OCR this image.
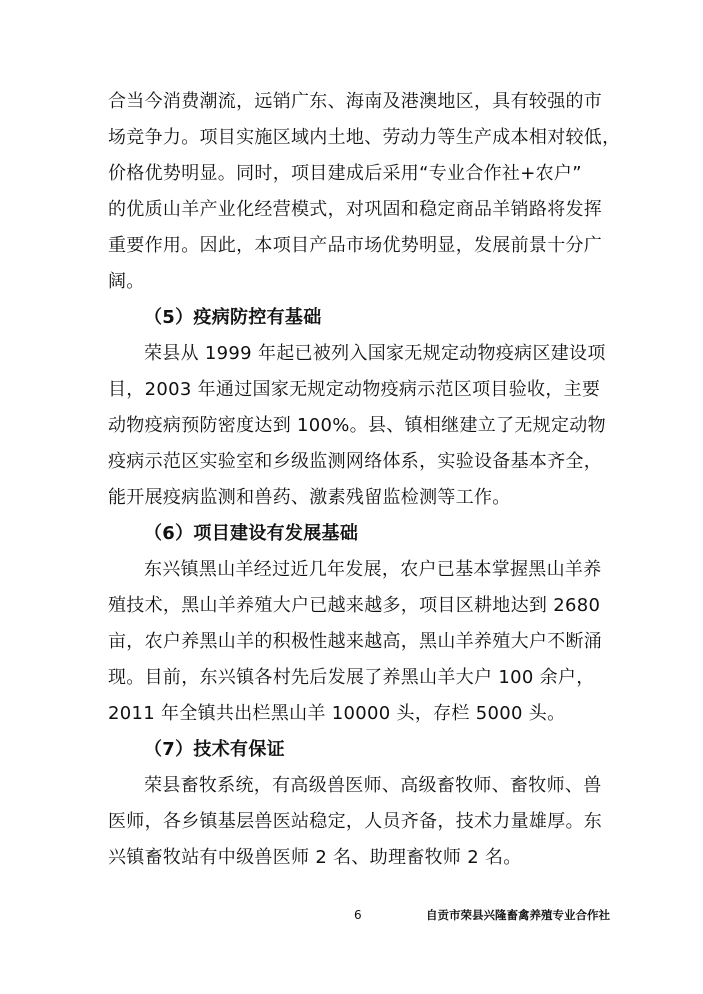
合当今消费潮流，远销广东、海南及港澳地区，具有较强的市
场竞争力。项目实施区域内土地、劳动力等生产成本相对较低，
价格优势明显。同时，项目建成后采用“专业合作社+农户”
的优质山羊产业化经营模式，对巩固和稳定商品羊销路将发挥
重要作用。因此，本项目产品市场优势明显，发展前景十分广
阔。
（5）疫病防控有基础
荣县从 1999 年起已被列入国家无规定动物疫病区建设项
目，2003 年通过国家无规定动物疫病示范区项目验收，主要
动物疫病预防密度达到 100%。县、镇相继建立了无规定动物
疫病示范区实验室和乡级监测网络体系，实验设备基本齐全，
能开展疫病监测和兽药、激素残留监检测等工作。
（6）项目建设有发展基础
东兴镇黑山羊经过近几年发展，农户已基本掌握黑山羊养
殖技术，黑山羊养殖大户已越来越多，项目区耕地达到 2680
亩，农户养黑山羊的积极性越来越高，黑山羊养殖大户不断涌
现。目前，东兴镇各村先后发展了养黑山羊大户 100 余户，
2011 年全镇共出栏黑山羊 10000 头，存栏 5000 头。
（7）技术有保证
荣县畜牧系统，有高级兽医师、高级畜牧师、畜牧师、兽
医师，各乡镇基层兽医站稳定，人员齐备，技术力量雄厚。东
兴镇畜牧站有中级兽医师 2 名、助理畜牧师 2 名。
6	自贡市荣县兴隆畜禽养殖专业合作社
